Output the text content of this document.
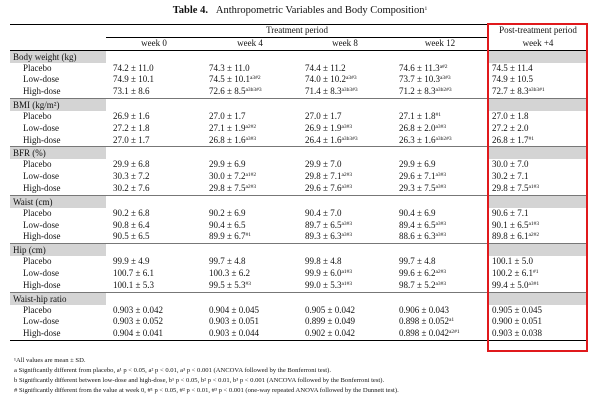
Table 4. Anthropometric Variables and Body Composition$^1$
	Treatment period				Post-treatment period
	week 0	week 4	week 8	week 12	week +4
Body weight (kg)					
Placebo	74.2 ± 11.0	74.3 ± 11.0	74.4 ± 11.2	$74.6 \pm 11.3^{a\#2}$	74.5 ± 11.4
Low-dose	74.9 ± 10.1	$74.5 \pm 10.1^{a3\#2}$	$74.0 \pm 10.2^{a3\#3}$	$73.7 \pm 10.3^{a3\#3}$	74.9 ± 10.5
High-dose	73.1 ± 8.6	$72.6 \pm 8.5^{a3b3\#3}$	$71.4 \pm 8.3^{a3b3\#3}$	$71.2 \pm 8.3^{a3b2\#3}$	$72.7 \pm 8.3^{a3b3\#1}$
BMI (kg/m²)					
Placebo	26.9 ± 1.6	27.0 ± 1.7	27.0 ± 1.7	$27.1 \pm 1.8^{\#1}$	27.0 ± 1.8
Low-dose	27.2 ± 1.8	$27.1 \pm 1.9^{a2\#2}$	$26.9 \pm 1.9^{a3\#3}$	$26.8 \pm 2.0^{a3\#3}$	27.2 ± 2.0
High-dose	27.0 ± 1.7	$26.8 \pm 1.6^{a3\#3}$	$26.4 \pm 1.6^{a3b3\#3}$	$26.3 \pm 1.6^{a3b2\#3}$	$26.8 \pm 1.7^{\#1}$
BFR (%)					
Placebo	29.9 ± 6.8	29.9 ± 6.9	29.9 ± 7.0	29.9 ± 6.9	30.0 ± 7.0
Low-dose	30.3 ± 7.2	$30.0 \pm 7.2^{a1\#2}$	$29.8 \pm 7.1^{a2\#3}$	$29.6 \pm 7.1^{a3\#3}$	30.2 ± 7.1
High-dose	30.2 ± 7.6	$29.8 \pm 7.5^{a2\#3}$	$29.6 \pm 7.6^{a3\#3}$	$29.3 \pm 7.5^{a3\#3}$	$29.8 \pm 7.5^{a1\#3}$
Waist (cm)					
Placebo	90.2 ± 6.8	90.2 ± 6.9	90.4 ± 7.0	90.4 ± 6.9	90.6 ± 7.1
Low-dose	90.8 ± 6.4	90.4 ± 6.5	$89.7 \pm 6.5^{a3\#3}$	$89.4 \pm 6.5^{a3\#3}$	$90.1 \pm 6.5^{a1\#3}$
High-dose	90.5 ± 6.5	$89.9 \pm 6.7^{\#1}$	$89.3 \pm 6.3^{a3\#3}$	$88.6 \pm 6.3^{a3\#3}$	$89.8 \pm 6.1^{a2\#2}$
Hip (cm)					
Placebo	99.9 ± 4.9	99.7 ± 4.8	99.8 ± 4.8	99.7 ± 4.8	100.1 ± 5.0
Low-dose	100.7 ± 6.1	100.3 ± 6.2	$99.9 \pm 6.0^{a1\#3}$	$99.6 \pm 6.2^{a2\#3}$	$100.2 \pm 6.1^{\#1}$
High-dose	100.1 ± 5.3	$99.5 \pm 5.3^{\#3}$	$99.0 \pm 5.3^{a1\#3}$	$98.7 \pm 5.2^{a3\#3}$	$99.4 \pm 5.0^{a3\#1}$
Waist-hip ratio					
Placebo	0.903 ± 0.042	0.904 ± 0.045	0.905 ± 0.042	0.906 ± 0.043	0.905 ± 0.045
Low-dose	0.903 ± 0.052	0.903 ± 0.051	0.899 ± 0.049	$0.898 \pm 0.052^{a1}$	0.900 ± 0.051
High-dose	0.904 ± 0.041	0.903 ± 0.044	0.902 ± 0.042	$0.898 \pm 0.042^{a2\#1}$	0.903 ± 0.038
¹All values are mean ± SD.
a Significantly different from placebo, a¹ p < 0.05, a² p < 0.01, a³ p < 0.001 (ANCOVA followed by the Bonferroni test).
b Significantly different between low-dose and high-dose, b¹ p < 0.05, b² p < 0.01, b³ p < 0.001 (ANCOVA followed by the Bonferroni test).
# Significantly different from the value at week 0, #¹ p < 0.05, #² p < 0.01, #³ p < 0.001 (one-way repeated ANOVA followed by the Dunnett test).
